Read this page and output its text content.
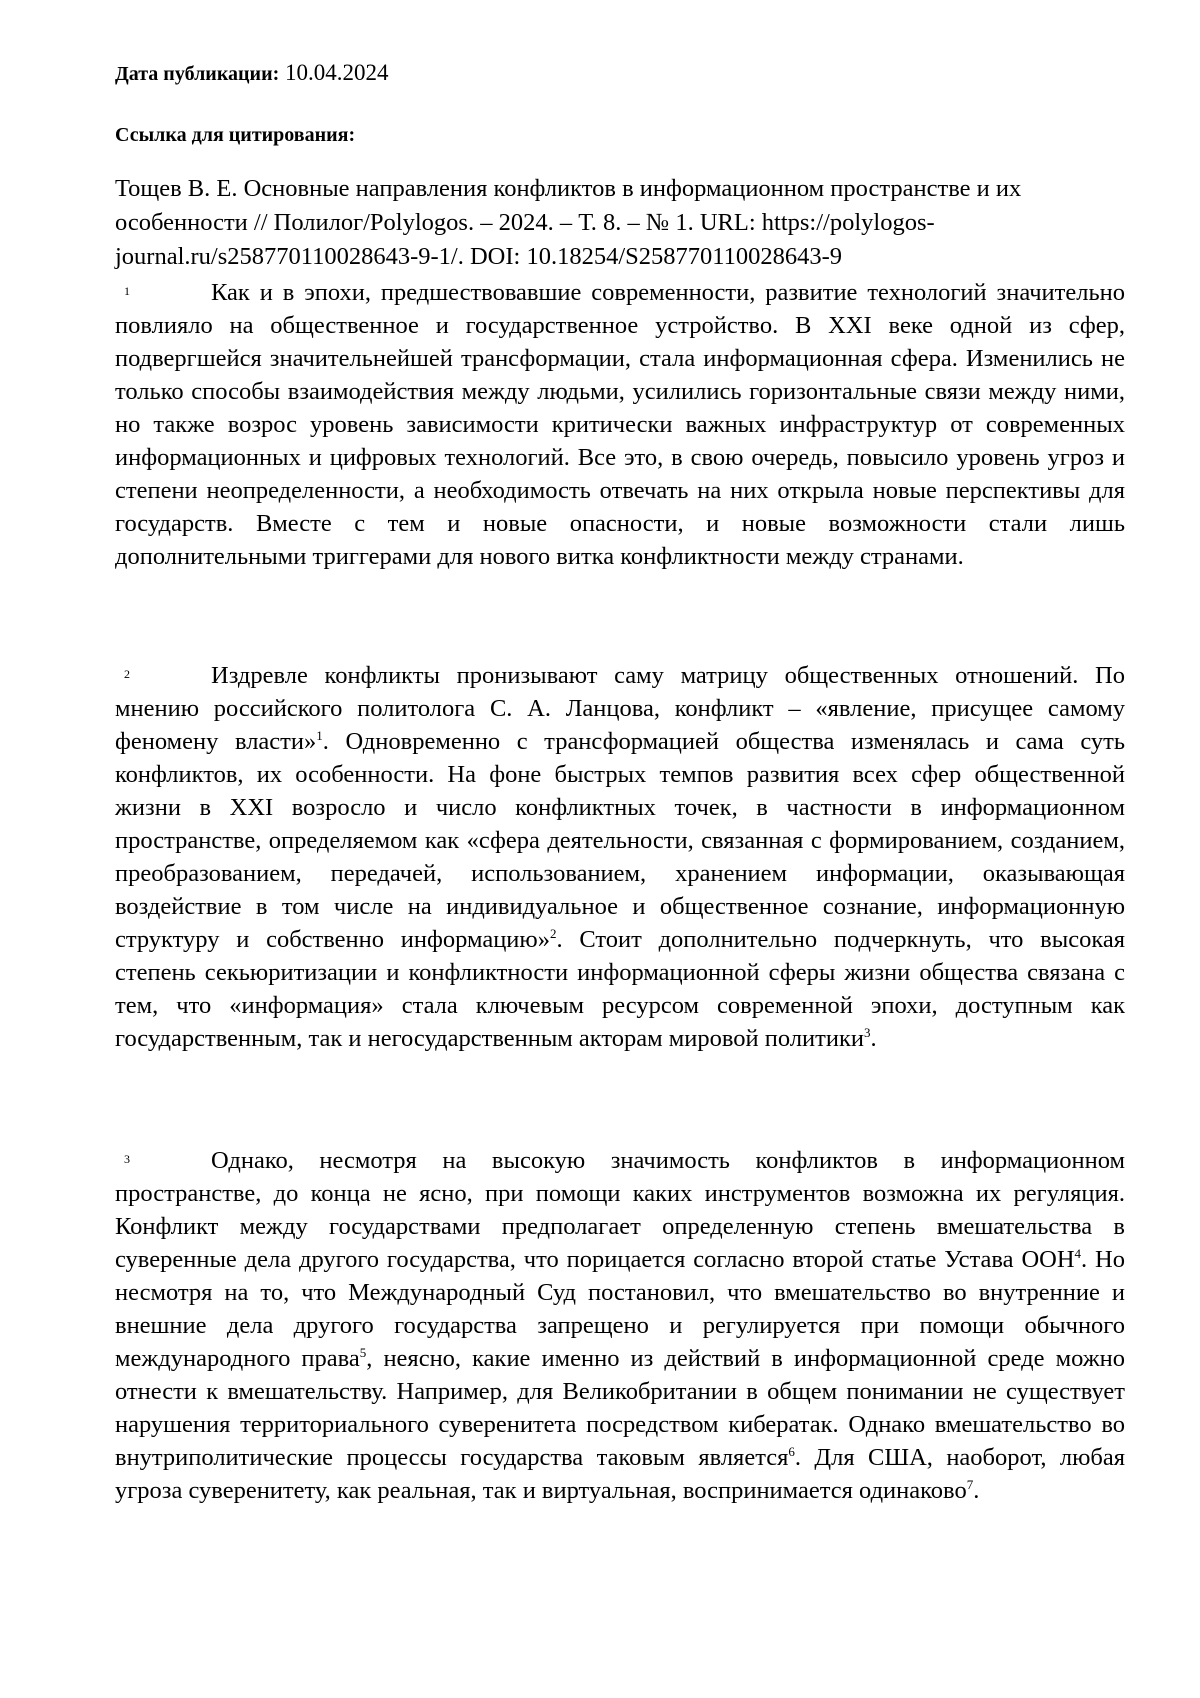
Дата публикации: 10.04.2024

Ссылка для цитирования:

Тощев В. Е. Основные направления конфликтов в информационном пространстве и их особенности // Полилог/Polylogos. – 2024. – Т. 8. – № 1. URL: https://polylogos-journal.ru/s258770110028643-9-1/. DOI: 10.18254/S258770110028643-9

1	Как и в эпохи, предшествовавшие современности, развитие технологий значительно повлияло на общественное и государственное устройство. В XXI веке одной из сфер, подвергшейся значительнейшей трансформации, стала информационная сфера. Изменились не только способы взаимодействия между людьми, усилились горизонтальные связи между ними, но также возрос уровень зависимости критически важных инфраструктур от современных информационных и цифровых технологий. Все это, в свою очередь, повысило уровень угроз и степени неопределенности, а необходимость отвечать на них открыла новые перспективы для государств. Вместе с тем и новые опасности, и новые возможности стали лишь дополнительными триггерами для нового витка конфликтности между странами.

2	Издревле конфликты пронизывают саму матрицу общественных отношений. По мнению российского политолога С. А. Ланцова, конфликт – «явление, присущее самому феномену власти»$^1$. Одновременно с трансформацией общества изменялась и сама суть конфликтов, их особенности. На фоне быстрых темпов развития всех сфер общественной жизни в XXI возросло и число конфликтных точек, в частности в информационном пространстве, определяемом как «сфера деятельности, связанная с формированием, созданием, преобразованием, передачей, использованием, хранением информации, оказывающая воздействие в том числе на индивидуальное и общественное сознание, информационную структуру и собственно информацию»$^2$. Стоит дополнительно подчеркнуть, что высокая степень секьюритизации и конфликтности информационной сферы жизни общества связана с тем, что «информация» стала ключевым ресурсом современной эпохи, доступным как государственным, так и негосударственным акторам мировой политики$^3$.

3	Однако, несмотря на высокую значимость конфликтов в информационном пространстве, до конца не ясно, при помощи каких инструментов возможна их регуляция. Конфликт между государствами предполагает определенную степень вмешательства в суверенные дела другого государства, что порицается согласно второй статье Устава ООН$^4$. Но несмотря на то, что Международный Суд постановил, что вмешательство во внутренние и внешние дела другого государства запрещено и регулируется при помощи обычного международного права$^5$, неясно, какие именно из действий в информационной среде можно отнести к вмешательству. Например, для Великобритании в общем понимании не существует нарушения территориального суверенитета посредством кибератак. Однако вмешательство во внутриполитические процессы государства таковым является$^6$. Для США, наоборот, любая угроза суверенитету, как реальная, так и виртуальная, воспринимается одинаково$^7$.
